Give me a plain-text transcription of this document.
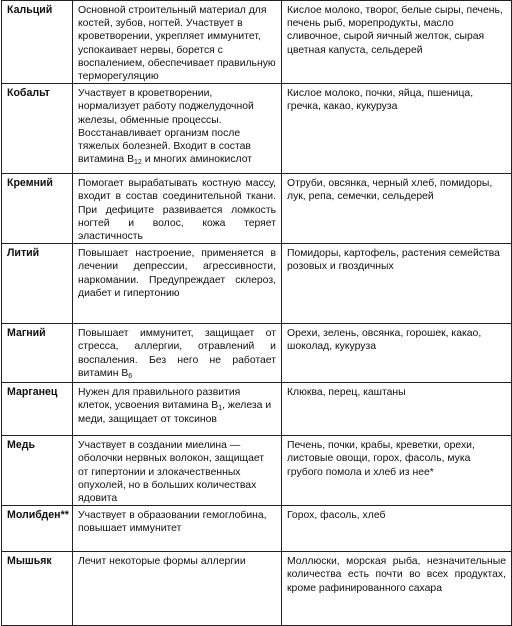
Кальций	Основной строительный материал для костей, зубов, ногтей. Участвует в кроветворении, укрепляет иммунитет, успокаивает нервы, борется с воспалением, обеспечивает правильную терморегуляцию	Кислое молоко, творог, белые сыры, печень, печень рыб, морепродукты, масло сливочное, сырой яичный желток, сырая цветная капуста, сельдерей
Кобальт	Участвует в кроветворении, нормализует работу поджелудочной железы, обменные процессы. Восстанавливает организм после тяжелых болезней. Входит в состав витамина $В_{12}$ и многих аминокислот	Кислое молоко, почки, яйца, пшеница, гречка, какао, кукуруза
Кремний	Помогает вырабатывать костную массу, входит в состав соединительной ткани. При дефиците развивается ломкость ногтей и волос, кожа теряет эластичность	Отруби, овсянка, черный хлеб, помидоры, лук, репа, семечки, сельдерей
Литий	Повышает настроение, применяется в лечении депрессии, агрессивности, наркомании. Предупреждает склероз, диабет и гипертонию	Помидоры, картофель, растения семейства розовых и гвоздичных
Магний	Повышает иммунитет, защищает от стресса, аллергии, отравлений и воспаления. Без него не работает витамин $В_6$	Орехи, зелень, овсянка, горошек, какао, шоколад, кукуруза
Марганец	Нужен для правильного развития клеток, усвоения витамина $В_1$, железа и меди, защищает от токсинов	Клюква, перец, каштаны
Медь	Участвует в создании миелина — оболочки нервных волокон, защищает от гипертонии и злокачественных опухолей, но в больших количествах ядовита	Печень, почки, крабы, креветки, орехи, листовые овощи, горох, фасоль, мука грубого помола и хлеб из нее*
Молибден**	Участвует в образовании гемоглобина, повышает иммунитет	Горох, фасоль, хлеб
Мышьяк	Лечит некоторые формы аллергии	Моллюски, морская рыба, незначительные количества есть почти во всех продуктах, кроме рафинированного сахара
